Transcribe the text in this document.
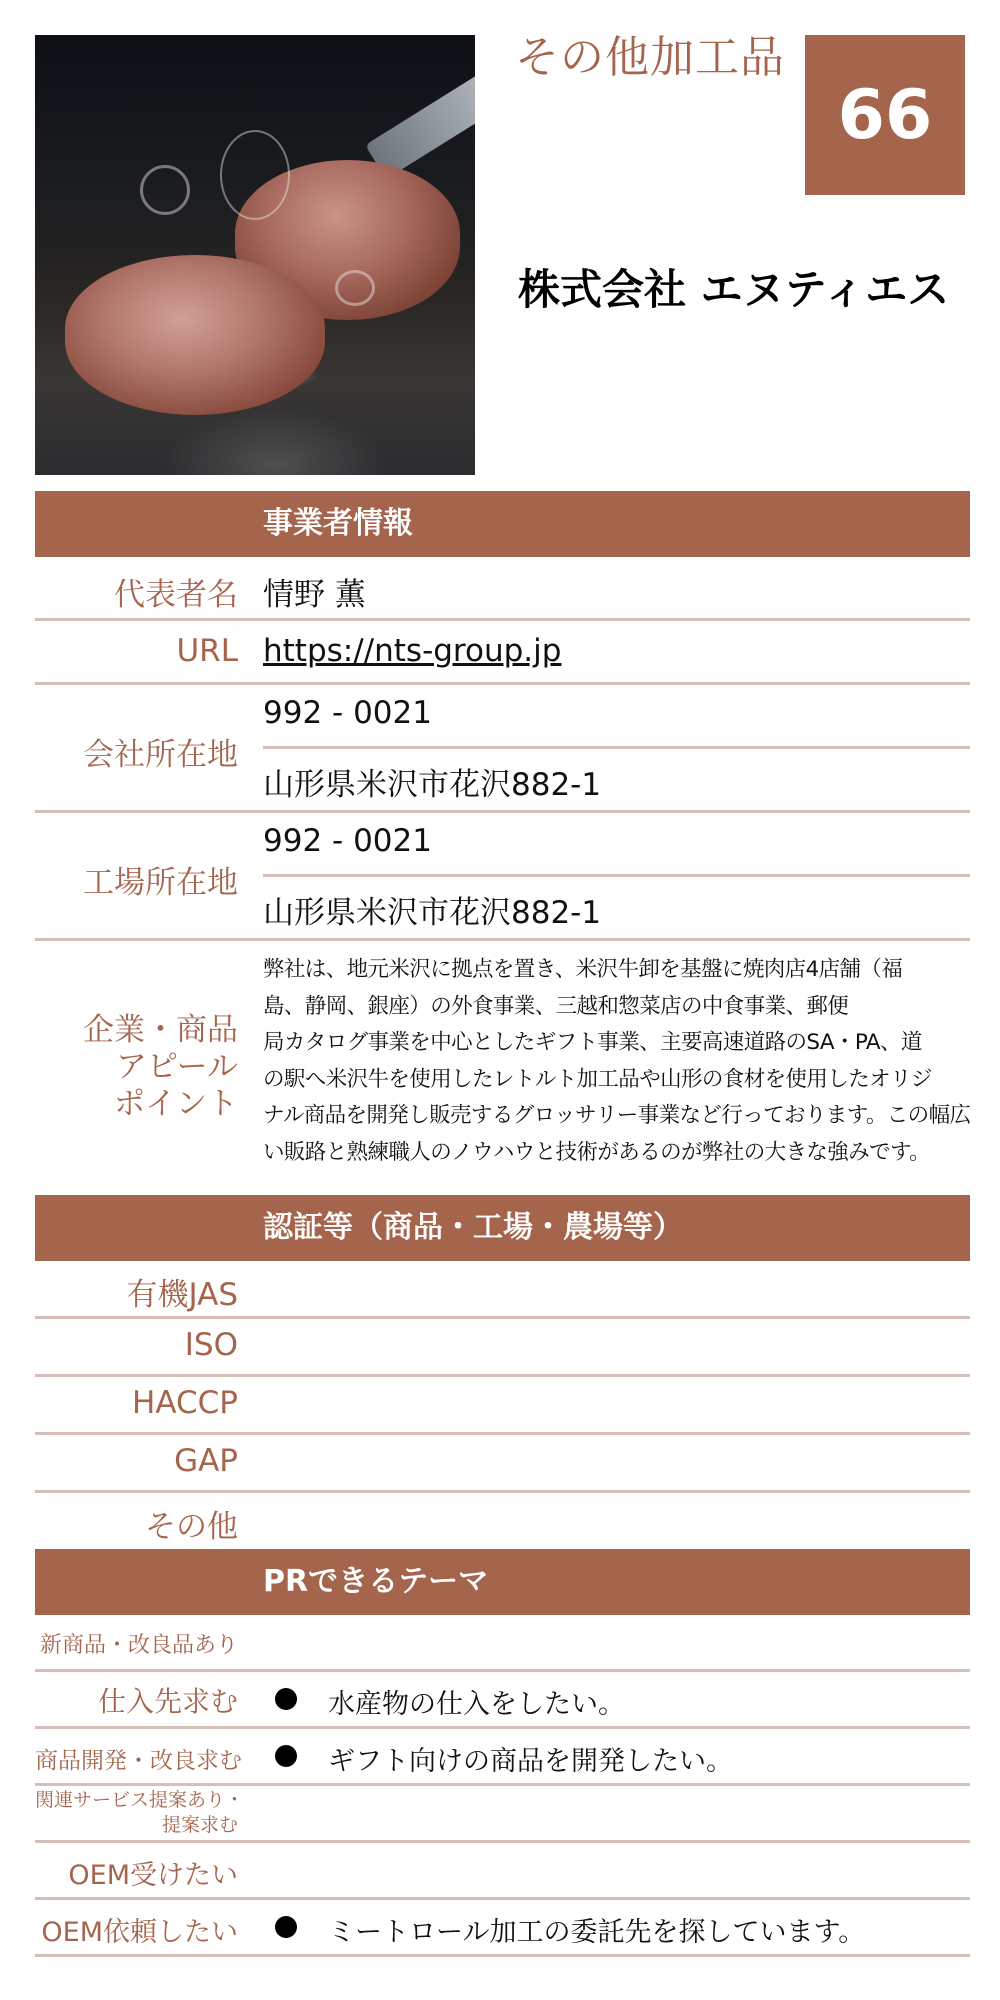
その他加工品
66
株式会社 エヌティエス
事業者情報
代表者名 情野 薫
URL https://nts-group.jp
会社所在地
992 - 0021
山形県米沢市花沢882-1
工場所在地
992 - 0021
山形県米沢市花沢882-1
企業・商品
アピール
ポイント
弊社は、地元米沢に拠点を置き、米沢牛卸を基盤に焼肉店4店舗（福
島、静岡、銀座）の外食事業、三越和惣菜店の中食事業、郵便
局カタログ事業を中心としたギフト事業、主要高速道路のSA・PA、道
の駅へ米沢牛を使用したレトルト加工品や山形の食材を使用したオリジ
ナル商品を開発し販売するグロッサリー事業など行っております。この幅広
い販路と熟練職人のノウハウと技術があるのが弊社の大きな強みです。
認証等（商品・工場・農場等）
有機JAS
ISO
HACCP
GAP
その他
PRできるテーマ
新商品・改良品あり
仕入先求む	水産物の仕入をしたい。
商品開発・改良求む	ギフト向けの商品を開発したい。
関連サービス提案あり・
提案求む
OEM受けたい
OEM依頼したい	ミートロール加工の委託先を探しています。
